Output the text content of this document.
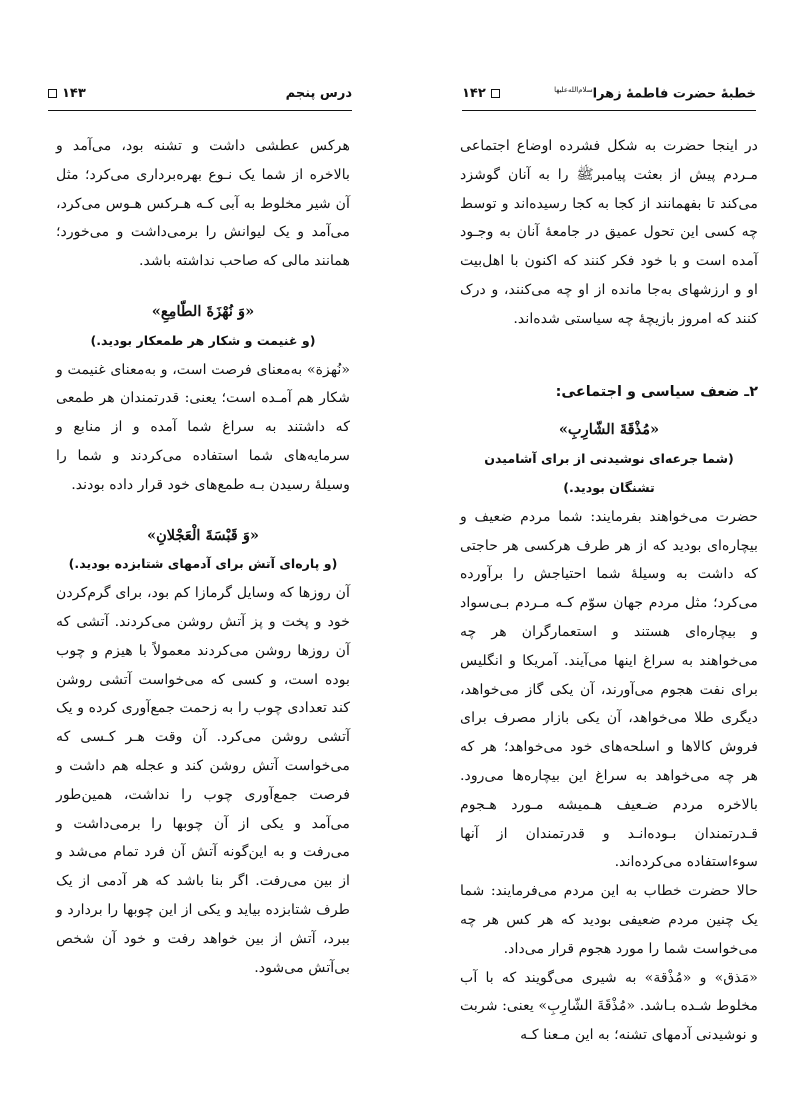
درس پنجم
۱۴۳

هرکس عطشی داشت و تشنه بود، می‌آمد و بالاخره از شما یک نـوع بهره‌برداری می‌کرد؛ مثل آن شیر مخلوط به آبی کـه هـرکس هـوس می‌کرد، می‌آمد و یک لیوانش را برمی‌داشت و می‌خورد؛ همانند مالی که صاحب نداشته باشد.

«وَ نُهْزَةَ الطّامِعِ»

(و غنیمت و شکار هر طمعکار بودید.)

«نُهزة» به‌معنای فرصت است، و به‌معنای غنیمت و شکار هم آمـده است؛ یعنی: قدرتمندان هر طمعی که داشتند به سراغ شما آمده و از منابع و سرمایه‌های شما استفاده می‌کردند و شما را وسیلهٔ رسیدن بـه طمع‌های خود قرار داده بودند.

«وَ قَبْسَةَ الْعَجْلانِ»

(و پاره‌ای آتش برای آدمهای شتابزده بودید.)

آن روزها که وسایل گرمازا کم بود، برای گرم‌کردن خود و پخت و پز آتش روشن می‌کردند. آتشی که آن روزها روشن می‌کردند معمولاً با هیزم و چوب بوده است، و کسی که می‌خواست آتشی روشن کند تعدادی چوب را به زحمت جمع‌آوری کرده و یک آتشی روشن می‌کرد. آن وقت هـر کـسی که می‌خواست آتش روشن کند و عجله هم داشت و فرصت جمع‌آوری چوب را نداشت، همین‌طور می‌آمد و یکی از آن چوبها را برمی‌داشت و می‌رفت و به این‌گونه آتش آن فرد تمام می‌شد و از بین می‌رفت. اگر بنا باشد که هر آدمی از یک طرف شتابزده بیاید و یکی از این چوبها را بردارد و ببرد، آتش از بین خواهد رفت و خود آن شخص بی‌آتش می‌شود.

خطبهٔ حضرت فاطمهٔ زهرا$^{سلام‌الله‌علیها}$
۱۴۲

در اینجا حضرت به شکل فشرده اوضاع اجتماعی مـردم پیش از بعثت پیامبرﷺ را به آنان گوشزد می‌کند تا بفهمانند از کجا به کجا رسیده‌اند و توسط چه کسی این تحول عمیق در جامعهٔ آنان به وجـود آمده است و با خود فکر کنند که اکنون با اهل‌بیت او و ارزشهای به‌جا مانده از او چه می‌کنند، و درک کنند که امروز بازیچهٔ چه سیاستی شده‌اند.

۲ـ ضعف سیاسی و اجتماعی:

«مُذْقَةَ الشّارِبِ»

(شما جرعه‌ای نوشیدنی از برای آشامیدن تشنگان بودید.)

حضرت می‌خواهند بفرمایند: شما مردم ضعیف و بیچاره‌ای بودید که از هر طرف هرکسی هر حاجتی که داشت به وسیلهٔ شما احتیاجش را برآورده می‌کرد؛ مثل مردم جهان سوّم کـه مـردم بـی‌سواد و بیچاره‌ای هستند و استعمارگران هر چه می‌خواهند به سراغ اینها می‌آیند. آمریکا و انگلیس برای نفت هجوم می‌آورند، آن یکی گاز می‌خواهد، دیگری طلا می‌خواهد، آن یکی بازار مصرف برای فروش کالاها و اسلحه‌های خود می‌خواهد؛ هر که هر چه می‌خواهد به سراغ این بیچاره‌ها می‌رود. بالاخره مردم ضـعیف هـمیشه مـورد هـجوم قـدرتمندان بـوده‌انـد و قدرتمندان از آنها سوءاستفاده می‌کرده‌اند.

حالا حضرت خطاب به این مردم می‌فرمایند: شما یک چنین مردم ضعیفی بودید که هر کس هر چه می‌خواست شما را مورد هجوم قرار می‌داد.

«مَذق» و «مُذْقة» به شیری می‌گویند که با آب مخلوط شـده بـاشد. «مُذْقَةَ الشّارِبِ» یعنی: شربت و نوشیدنی آدمهای تشنه؛ به این مـعنا کـه
